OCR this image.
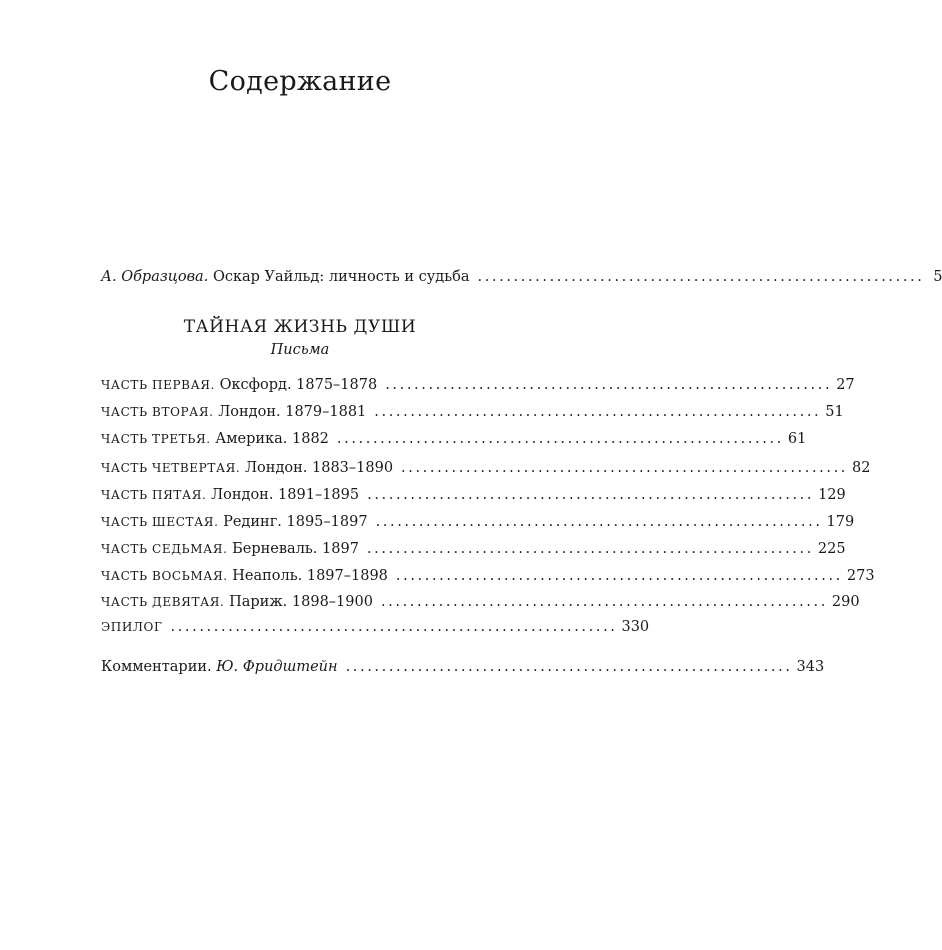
Содержание
А. Образцова. Оскар Уайльд: личность и судьба .............................................................. 5
ТАЙНАЯ ЖИЗНЬ ДУШИ
Письма
ЧАСТЬ ПЕРВАЯ. Оксфорд. 1875–1878 .............................................................. 27
ЧАСТЬ ВТОРАЯ. Лондон. 1879–1881 .............................................................. 51
ЧАСТЬ ТРЕТЬЯ. Америка. 1882 .............................................................. 61
ЧАСТЬ ЧЕТВЕРТАЯ. Лондон. 1883–1890 .............................................................. 82
ЧАСТЬ ПЯТАЯ. Лондон. 1891–1895 .............................................................. 129
ЧАСТЬ ШЕСТАЯ. Рединг. 1895–1897 .............................................................. 179
ЧАСТЬ СЕДЬМАЯ. Берневаль. 1897 .............................................................. 225
ЧАСТЬ ВОСЬМАЯ. Неаполь. 1897–1898 .............................................................. 273
ЧАСТЬ ДЕВЯТАЯ. Париж. 1898–1900 .............................................................. 290
ЭПИЛОГ .............................................................. 330
Комментарии. Ю. Фридштейн .............................................................. 343
